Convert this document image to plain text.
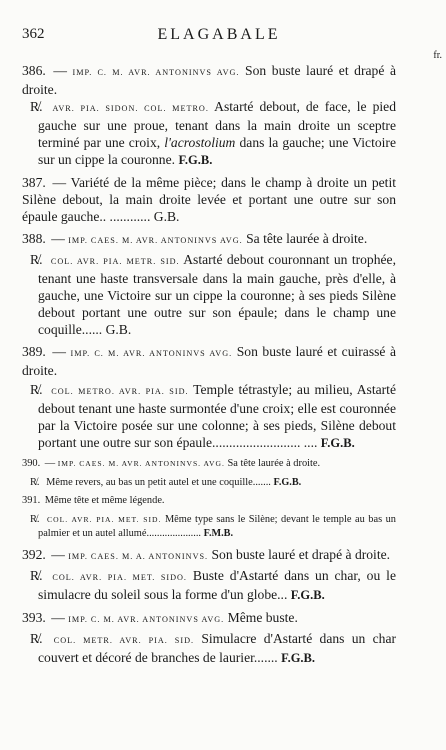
362	ELAGABALE
fr.

386. — IMP. C. M. AVR. ANTONINVS AVG. Son buste lauré et drapé à droite.

R̸. AVR. PIA. SIDON. COL. METRO. Astarté debout, de face, le pied gauche sur une proue, tenant dans la main droite un sceptre terminé par une croix, l'acrostolium dans la gauche; une Victoire sur un cippe la couronne. F.G.B.

387. — Variété de la même pièce; dans le champ à droite un petit Silène debout, la main droite levée et portant une outre sur son épaule gauche.. ............ G.B.

388. — IMP. CAES. M. AVR. ANTONINVS AVG. Sa tête laurée à droite.

R̸. COL. AVR. PIA. METR. SID. Astarté debout couronnant un trophée, tenant une haste transversale dans la main gauche, près d'elle, à gauche, une Victoire sur un cippe la couronne; à ses pieds Silène debout portant une outre sur son épaule; dans le champ une coquille...... G.B.

389. — IMP. C. M. AVR. ANTONINVS AVG. Son buste lauré et cuirassé à droite.

R̸. COL. METRO. AVR. PIA. SID. Temple tétrastyle; au milieu, Astarté debout tenant une haste surmontée d'une croix; elle est couronnée par la Victoire posée sur une colonne; à ses pieds, Silène debout portant une outre sur son épaule.......................... .... F.G.B.

390. — IMP. CAES. M. AVR. ANTONINVS. AVG. Sa tête laurée à droite.

R̸. Même revers, au bas un petit autel et une coquille....... F.G.B.

391. Même tête et même légende.

R̸. COL. AVR. PIA. MET. SID. Même type sans le Silène; devant le temple au bas un palmier et un autel allumé..................... F.M.B.

392. — IMP. CAES. M. A. ANTONINVS. Son buste lauré et drapé à droite.

R̸. COL. AVR. PIA. MET. SIDO. Buste d'Astarté dans un char, ou le simulacre du soleil sous la forme d'un globe... F.G.B.

393. — IMP. C. M. AVR. ANTONINVS AVG. Même buste.

R̸. COL. METR. AVR. PIA. SID. Simulacre d'Astarté dans un char couvert et décoré de branches de laurier....... F.G.B.
